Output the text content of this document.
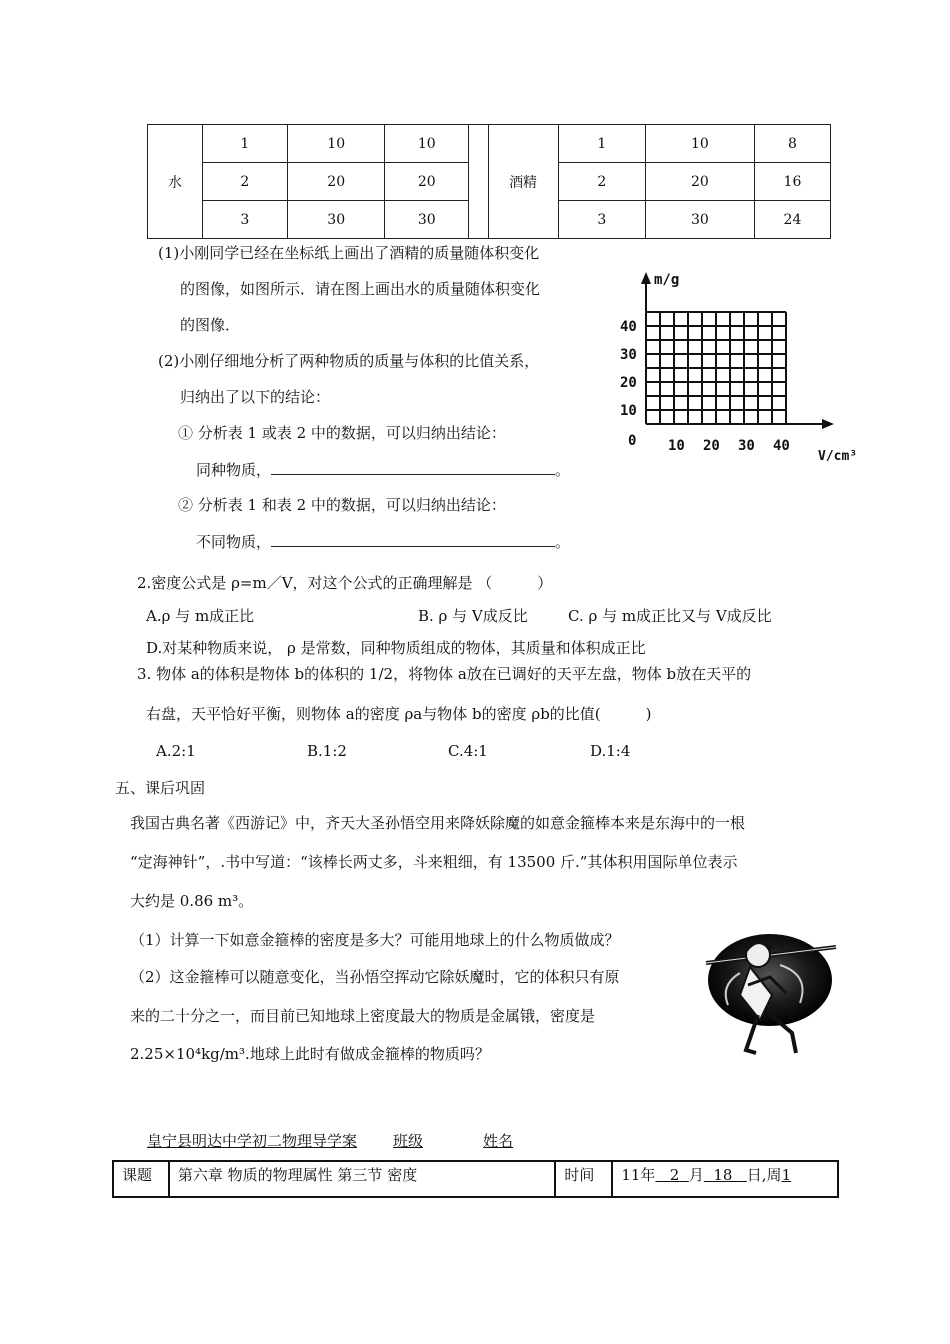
水	1	10	10		酒精	1	10	8
	2	20	20			2	20	16
	3	30	30			3	30	24
(1)小刚同学已经在坐标纸上画出了酒精的质量随体积变化
的图像，如图所示．请在图上画出水的质量随体积变化
的图像．
(2)小刚仔细地分析了两种物质的质量与体积的比值关系，
归纳出了以下的结论：
① 分析表 1 或表 2 中的数据，可以归纳出结论：
同种物质，	。
② 分析表 1 和表 2 中的数据，可以归纳出结论：
不同物质，	。
m/g
40
30
20
10
0 10 20 30 40
V/cm³
2.密度公式是 ρ=m／V，对这个公式的正确理解是 （　　　）
A.ρ 与 m成正比	B. ρ 与 V成反比	C. ρ 与 m成正比又与 V成反比
D.对某种物质来说， ρ 是常数，同种物质组成的物体，其质量和体积成正比
3. 物体 a的体积是物体 b的体积的 1/2，将物体 a放在已调好的天平左盘，物体 b放在天平的
右盘，天平恰好平衡，则物体 a的密度 ρa与物体 b的密度 ρb的比值(　　　)
A.2:1	B.1:2	C.4:1	D.1:4
五、课后巩固
我国古典名著《西游记》中，齐天大圣孙悟空用来降妖除魔的如意金箍棒本来是东海中的一根
“定海神针”，.书中写道：“该棒长两丈多，斗来粗细，有 13500 斤.”其体积用国际单位表示
大约是 0.86 m³。
（1）计算一下如意金箍棒的密度是多大？可能用地球上的什么物质做成？
（2）这金箍棒可以随意变化，当孙悟空挥动它除妖魔时，它的体积只有原
来的二十分之一，而目前已知地球上密度最大的物质是金属锇，密度是
2.25×10⁴kg/m³.地球上此时有做成金箍棒的物质吗？
皇宁县明达中学初二物理导学案 班级	姓名
课题	第六章 物质的物理属性 第三节 密度	时间	11年 2 月 18 日,周1
